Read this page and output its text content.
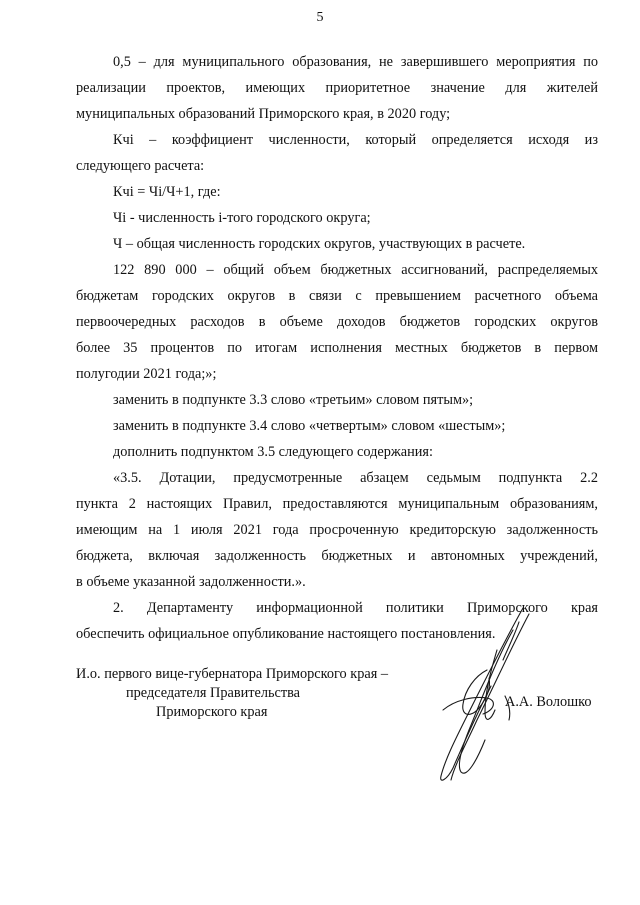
5

0,5 – для муниципального образования, не завершившего мероприятия по

реализации проектов, имеющих приоритетное значение для жителей

муниципальных образований Приморского края, в 2020 году;

Кчі – коэффициент численности, который определяется исходя из

следующего расчета:

Кчі = Чі/Ч+1, где:

Чі - численность і-того городского округа;

Ч – общая численность городских округов, участвующих в расчете.

122 890 000 – общий объем бюджетных ассигнований, распределяемых

бюджетам городских округов в связи с превышением расчетного объема

первоочередных расходов в объеме доходов бюджетов городских округов

более 35 процентов по итогам исполнения местных бюджетов в первом

полугодии 2021 года;»;

заменить в подпункте 3.3 слово «третьим» словом пятым»;

заменить в подпункте 3.4 слово «четвертым» словом «шестым»;

дополнить подпунктом 3.5 следующего содержания:

«3.5. Дотации, предусмотренные абзацем седьмым подпункта 2.2

пункта 2 настоящих Правил, предоставляются муниципальным образованиям,

имеющим на 1 июля 2021 года просроченную кредиторскую задолженность

бюджета, включая задолженность бюджетных и автономных учреждений,

в объеме указанной задолженности.».

2. Департаменту информационной политики Приморского края

обеспечить официальное опубликование настоящего постановления.

И.о. первого вице-губернатора Приморского края –
председателя Правительства
Приморского края
А.А. Волошко
